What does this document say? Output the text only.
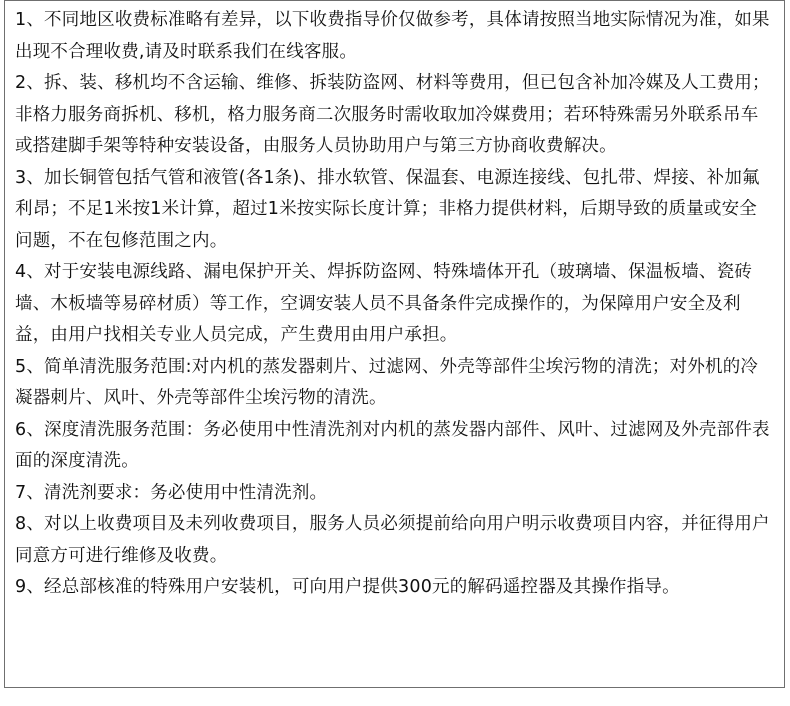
1、不同地区收费标准略有差异，以下收费指导价仅做参考，具体请按照当地实际情况为准，如果出现不合理收费,请及时联系我们在线客服。

2、拆、装、移机均不含运输、维修、拆装防盗网、材料等费用，但已包含补加冷媒及人工费用；非格力服务商拆机、移机，格力服务商二次服务时需收取加冷媒费用；若环特殊需另外联系吊车或搭建脚手架等特种安装设备，由服务人员协助用户与第三方协商收费解决。

3、加长铜管包括气管和液管(各1条)、排水软管、保温套、电源连接线、包扎带、焊接、补加氟利昂；不足1米按1米计算，超过1米按实际长度计算；非格力提供材料，后期导致的质量或安全问题，不在包修范围之内。

4、对于安装电源线路、漏电保护开关、焊拆防盗网、特殊墙体开孔（玻璃墙、保温板墙、瓷砖墙、木板墙等易碎材质）等工作，空调安装人员不具备条件完成操作的，为保障用户安全及利益，由用户找相关专业人员完成，产生费用由用户承担。

5、简单清洗服务范围:对内机的蒸发器刺片、过滤网、外壳等部件尘埃污物的清洗；对外机的冷凝器刺片、风叶、外壳等部件尘埃污物的清洗。

6、深度清洗服务范围：务必使用中性清洗剂对内机的蒸发器内部件、风叶、过滤网及外壳部件表面的深度清洗。

7、清洗剂要求：务必使用中性清洗剂。

8、对以上收费项目及未列收费项目，服务人员必须提前给向用户明示收费项目内容，并征得用户同意方可进行维修及收费。

9、经总部核准的特殊用户安装机，可向用户提供300元的解码遥控器及其操作指导。
